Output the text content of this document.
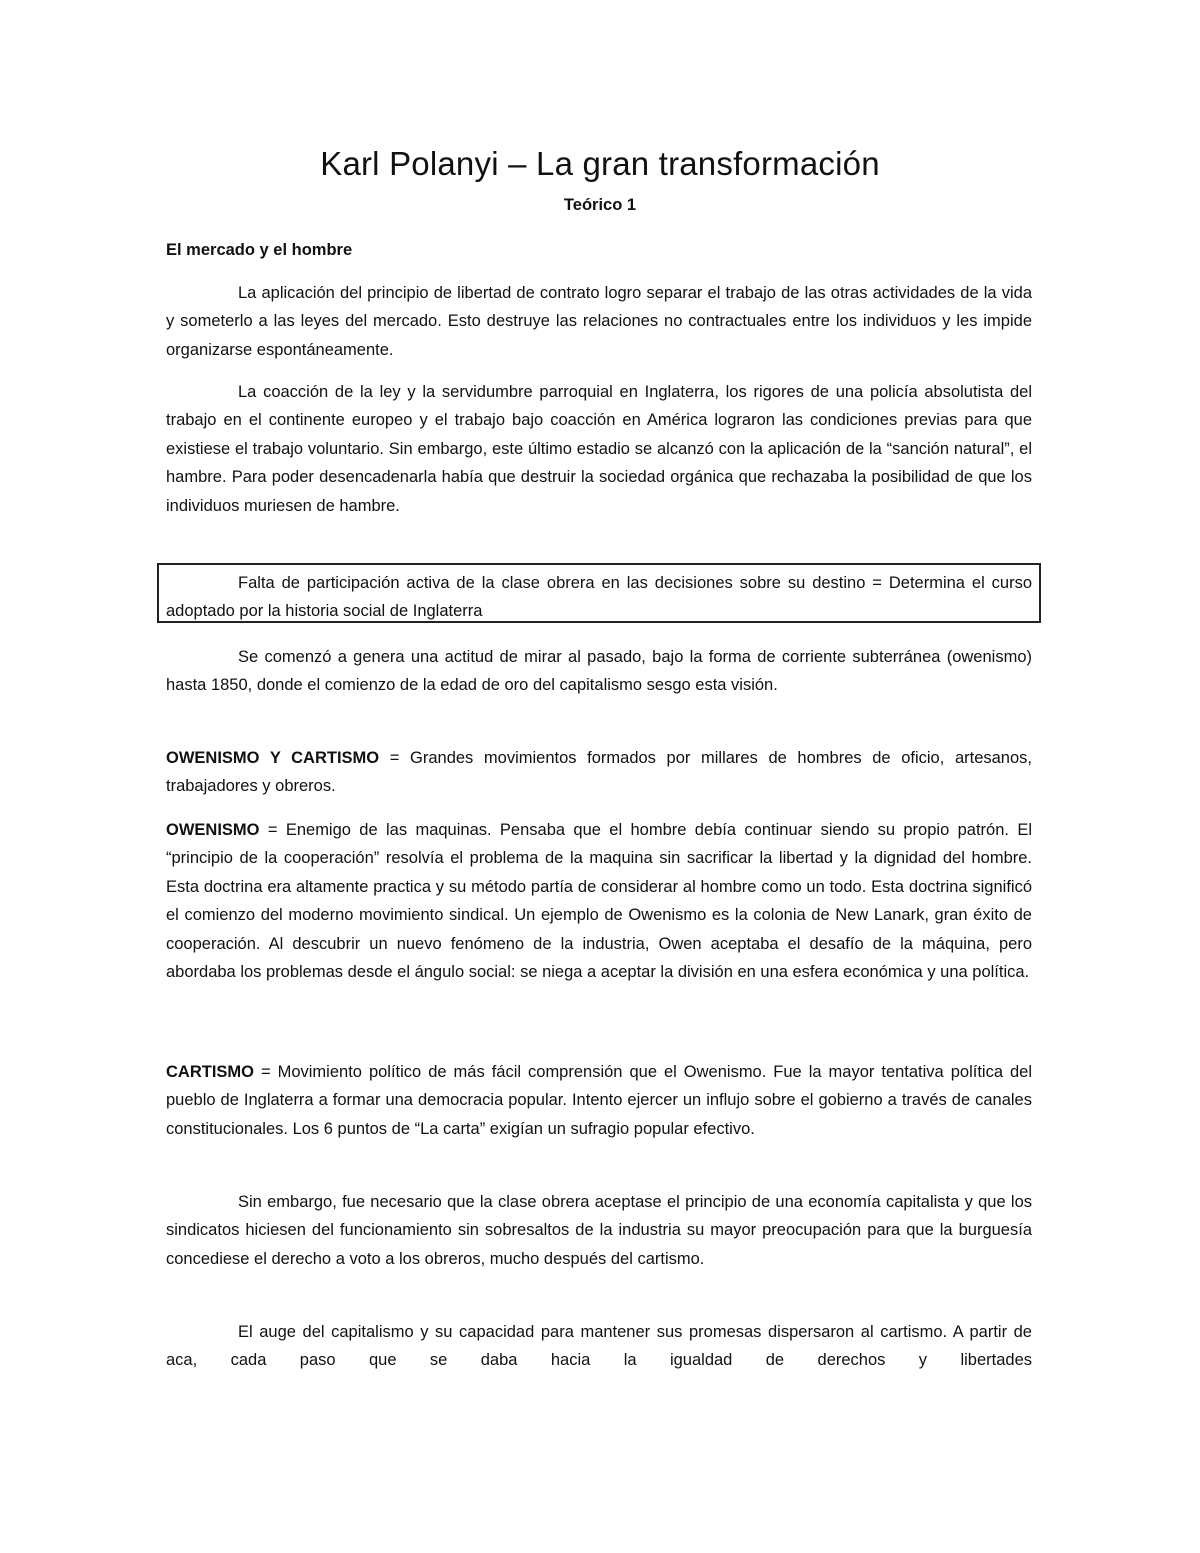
Karl Polanyi – La gran transformación
Teórico 1
El mercado y el hombre

La aplicación del principio de libertad de contrato logro separar el trabajo de las otras actividades de la vida y someterlo a las leyes del mercado. Esto destruye las relaciones no contractuales entre los individuos y les impide organizarse espontáneamente.

La coacción de la ley y la servidumbre parroquial en Inglaterra, los rigores de una policía absolutista del trabajo en el continente europeo y el trabajo bajo coacción en América lograron las condiciones previas para que existiese el trabajo voluntario. Sin embargo, este último estadio se alcanzó con la aplicación de la “sanción natural”, el hambre. Para poder desencadenarla había que destruir la sociedad orgánica que rechazaba la posibilidad de que los individuos muriesen de hambre.

Falta de participación activa de la clase obrera en las decisiones sobre su destino = Determina el curso adoptado por la historia social de Inglaterra

Se comenzó a genera una actitud de mirar al pasado, bajo la forma de corriente subterránea (owenismo) hasta 1850, donde el comienzo de la edad de oro del capitalismo sesgo esta visión.

OWENISMO Y CARTISMO = Grandes movimientos formados por millares de hombres de oficio, artesanos, trabajadores y obreros.

OWENISMO = Enemigo de las maquinas. Pensaba que el hombre debía continuar siendo su propio patrón. El “principio de la cooperación” resolvía el problema de la maquina sin sacrificar la libertad y la dignidad del hombre. Esta doctrina era altamente practica y su método partía de considerar al hombre como un todo. Esta doctrina significó el comienzo del moderno movimiento sindical. Un ejemplo de Owenismo es la colonia de New Lanark, gran éxito de cooperación. Al descubrir un nuevo fenómeno de la industria, Owen aceptaba el desafío de la máquina, pero abordaba los problemas desde el ángulo social: se niega a aceptar la división en una esfera económica y una política.

CARTISMO = Movimiento político de más fácil comprensión que el Owenismo. Fue la mayor tentativa política del pueblo de Inglaterra a formar una democracia popular. Intento ejercer un influjo sobre el gobierno a través de canales constitucionales. Los 6 puntos de “La carta” exigían un sufragio popular efectivo.

Sin embargo, fue necesario que la clase obrera aceptase el principio de una economía capitalista y que los sindicatos hiciesen del funcionamiento sin sobresaltos de la industria su mayor preocupación para que la burguesía concediese el derecho a voto a los obreros, mucho después del cartismo.

El auge del capitalismo y su capacidad para mantener sus promesas dispersaron al cartismo. A partir de aca, cada paso que se daba hacia la igualdad de derechos y libertades
